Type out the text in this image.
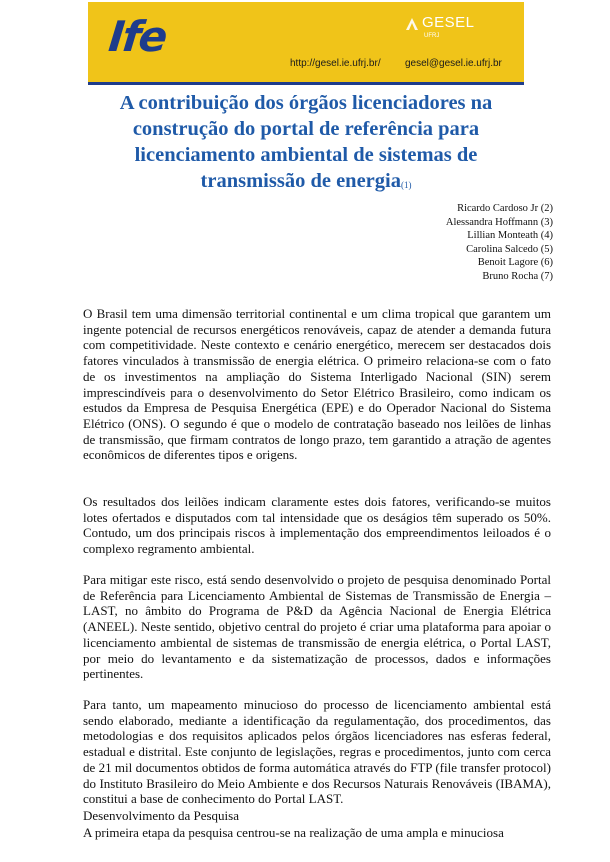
Ife	GESEL
UFRJ
http://gesel.ie.ufrj.br/ gesel@gesel.ie.ufrj.br
A contribuição dos órgãos licenciadores na construção do portal de referência para licenciamento ambiental de sistemas de transmissão de energia$_{(1)}$
Ricardo Cardoso Jr (2)
Alessandra Hoffmann (3)
Lillian Monteath (4)
Carolina Salcedo (5)
Benoit Lagore (6)
Bruno Rocha (7)

O Brasil tem uma dimensão territorial continental e um clima tropical que garantem um ingente potencial de recursos energéticos renováveis, capaz de atender a demanda futura com competitividade. Neste contexto e cenário energético, merecem ser destacados dois fatores vinculados à transmissão de energia elétrica. O primeiro relaciona-se com o fato de os investimentos na ampliação do Sistema Interligado Nacional (SIN) serem imprescindíveis para o desenvolvimento do Setor Elétrico Brasileiro, como indicam os estudos da Empresa de Pesquisa Energética (EPE) e do Operador Nacional do Sistema Elétrico (ONS). O segundo é que o modelo de contratação baseado nos leilões de linhas de transmissão, que firmam contratos de longo prazo, tem garantido a atração de agentes econômicos de diferentes tipos e origens.

Os resultados dos leilões indicam claramente estes dois fatores, verificando-se muitos lotes ofertados e disputados com tal intensidade que os deságios têm superado os 50%. Contudo, um dos principais riscos à implementação dos empreendimentos leiloados é o complexo regramento ambiental.

Para mitigar este risco, está sendo desenvolvido o projeto de pesquisa denominado Portal de Referência para Licenciamento Ambiental de Sistemas de Transmissão de Energia – LAST, no âmbito do Programa de P&D da Agência Nacional de Energia Elétrica (ANEEL). Neste sentido, objetivo central do projeto é criar uma plataforma para apoiar o licenciamento ambiental de sistemas de transmissão de energia elétrica, o Portal LAST, por meio do levantamento e da sistematização de processos, dados e informações pertinentes.

Para tanto, um mapeamento minucioso do processo de licenciamento ambiental está sendo elaborado, mediante a identificação da regulamentação, dos procedimentos, das metodologias e dos requisitos aplicados pelos órgãos licenciadores nas esferas federal, estadual e distrital. Este conjunto de legislações, regras e procedimentos, junto com cerca de 21 mil documentos obtidos de forma automática através do FTP (file transfer protocol) do Instituto Brasileiro do Meio Ambiente e dos Recursos Naturais Renováveis (IBAMA), constitui a base de conhecimento do Portal LAST.

Desenvolvimento da Pesquisa

A primeira etapa da pesquisa centrou-se na realização de uma ampla e minuciosa
